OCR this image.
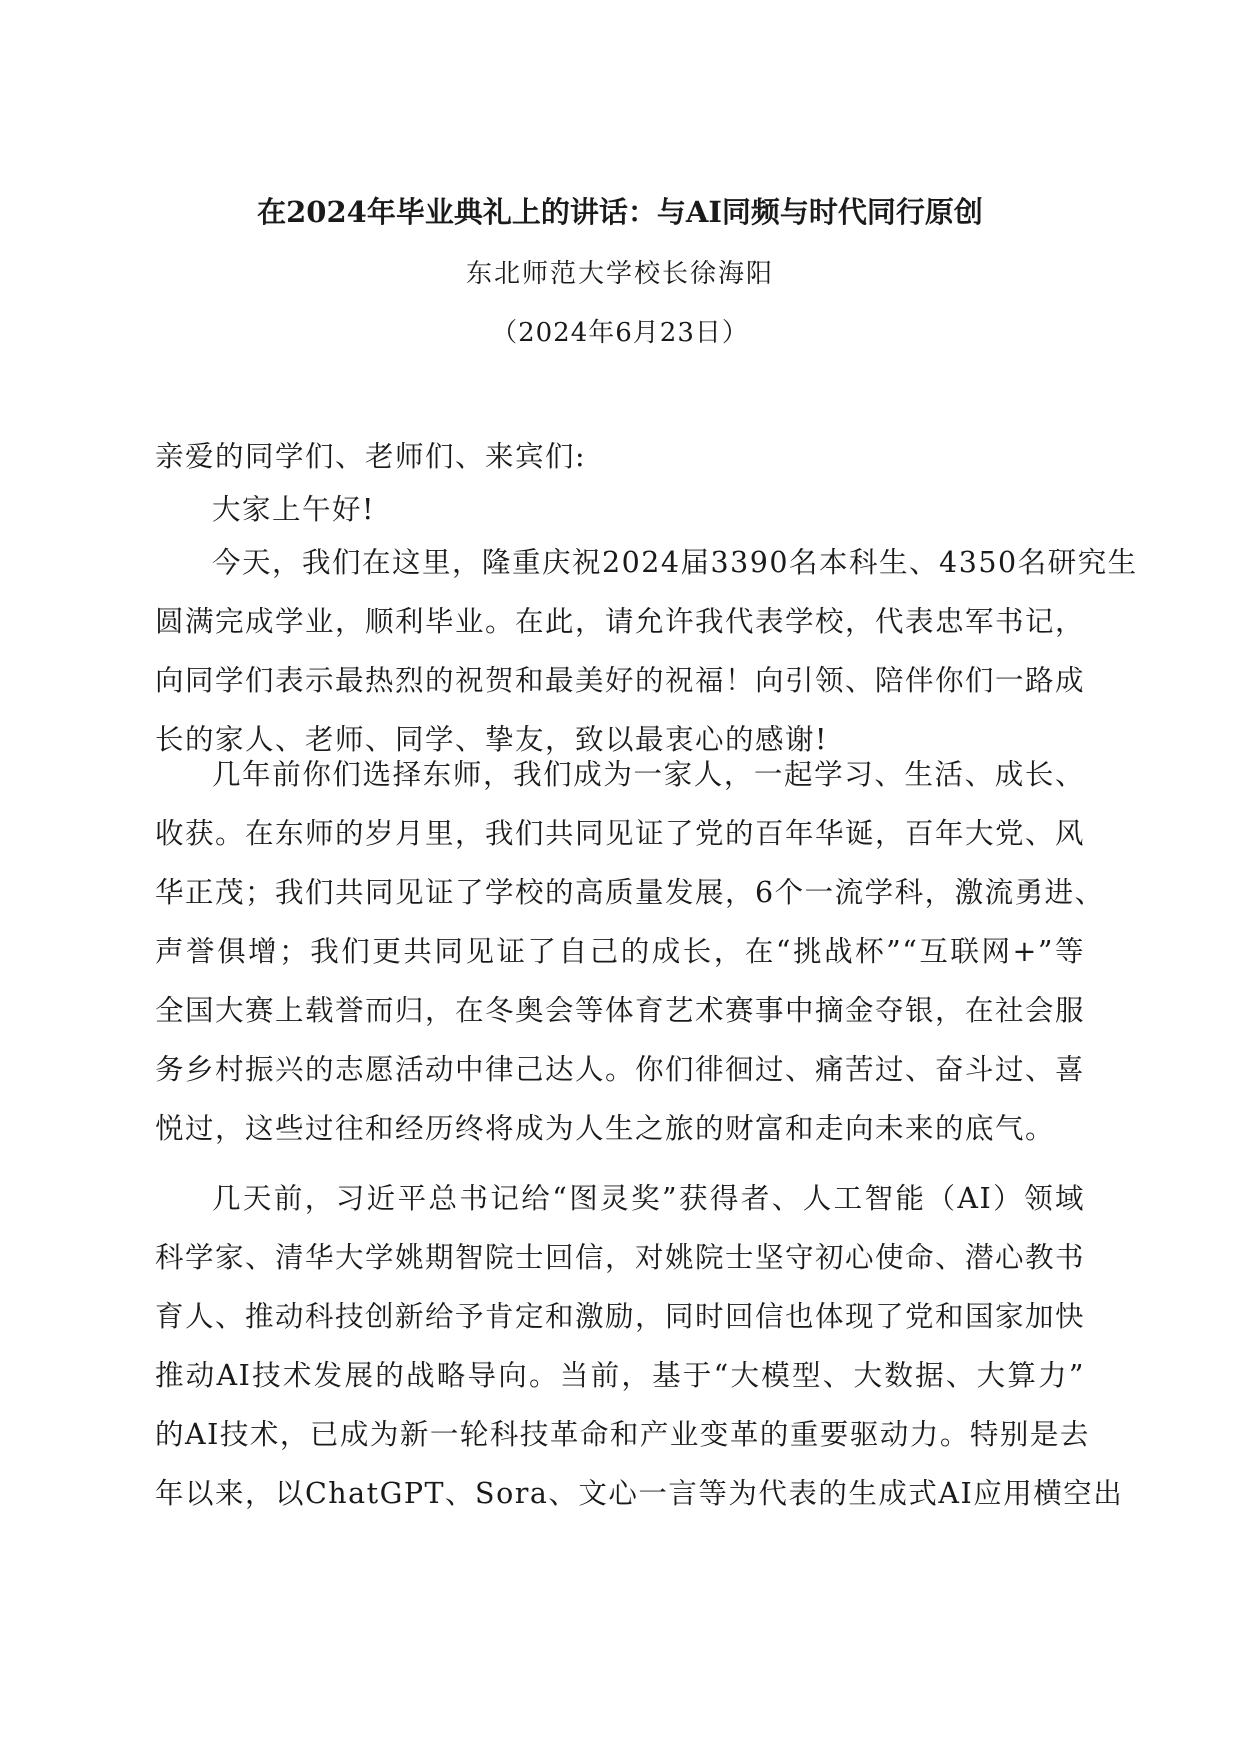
在2024年毕业典礼上的讲话：与AI同频与时代同行原创
东北师范大学校长徐海阳
（2024年6月23日）
亲爱的同学们、老师们、来宾们:
大家上午好!
今天，我们在这里，隆重庆祝2024届3390名本科生、4350名研究生
圆满完成学业，顺利毕业。在此，请允许我代表学校，代表忠军书记，
向同学们表示最热烈的祝贺和最美好的祝福！向引领、陪伴你们一路成
长的家人、老师、同学、挚友，致以最衷心的感谢!
几年前你们选择东师，我们成为一家人，一起学习、生活、成长、
收获。在东师的岁月里，我们共同见证了党的百年华诞，百年大党、风
华正茂；我们共同见证了学校的高质量发展，6个一流学科，激流勇进、
声誉俱增；我们更共同见证了自己的成长，在“挑战杯”“互联网+”等
全国大赛上载誉而归，在冬奥会等体育艺术赛事中摘金夺银，在社会服
务乡村振兴的志愿活动中律己达人。你们徘徊过、痛苦过、奋斗过、喜
悦过，这些过往和经历终将成为人生之旅的财富和走向未来的底气。
几天前，习近平总书记给“图灵奖”获得者、人工智能（AI）领域
科学家、清华大学姚期智院士回信，对姚院士坚守初心使命、潜心教书
育人、推动科技创新给予肯定和激励，同时回信也体现了党和国家加快
推动AI技术发展的战略导向。当前，基于“大模型、大数据、大算力”
的AI技术，已成为新一轮科技革命和产业变革的重要驱动力。特别是去
年以来，以ChatGPT、Sora、文心一言等为代表的生成式AI应用横空出
